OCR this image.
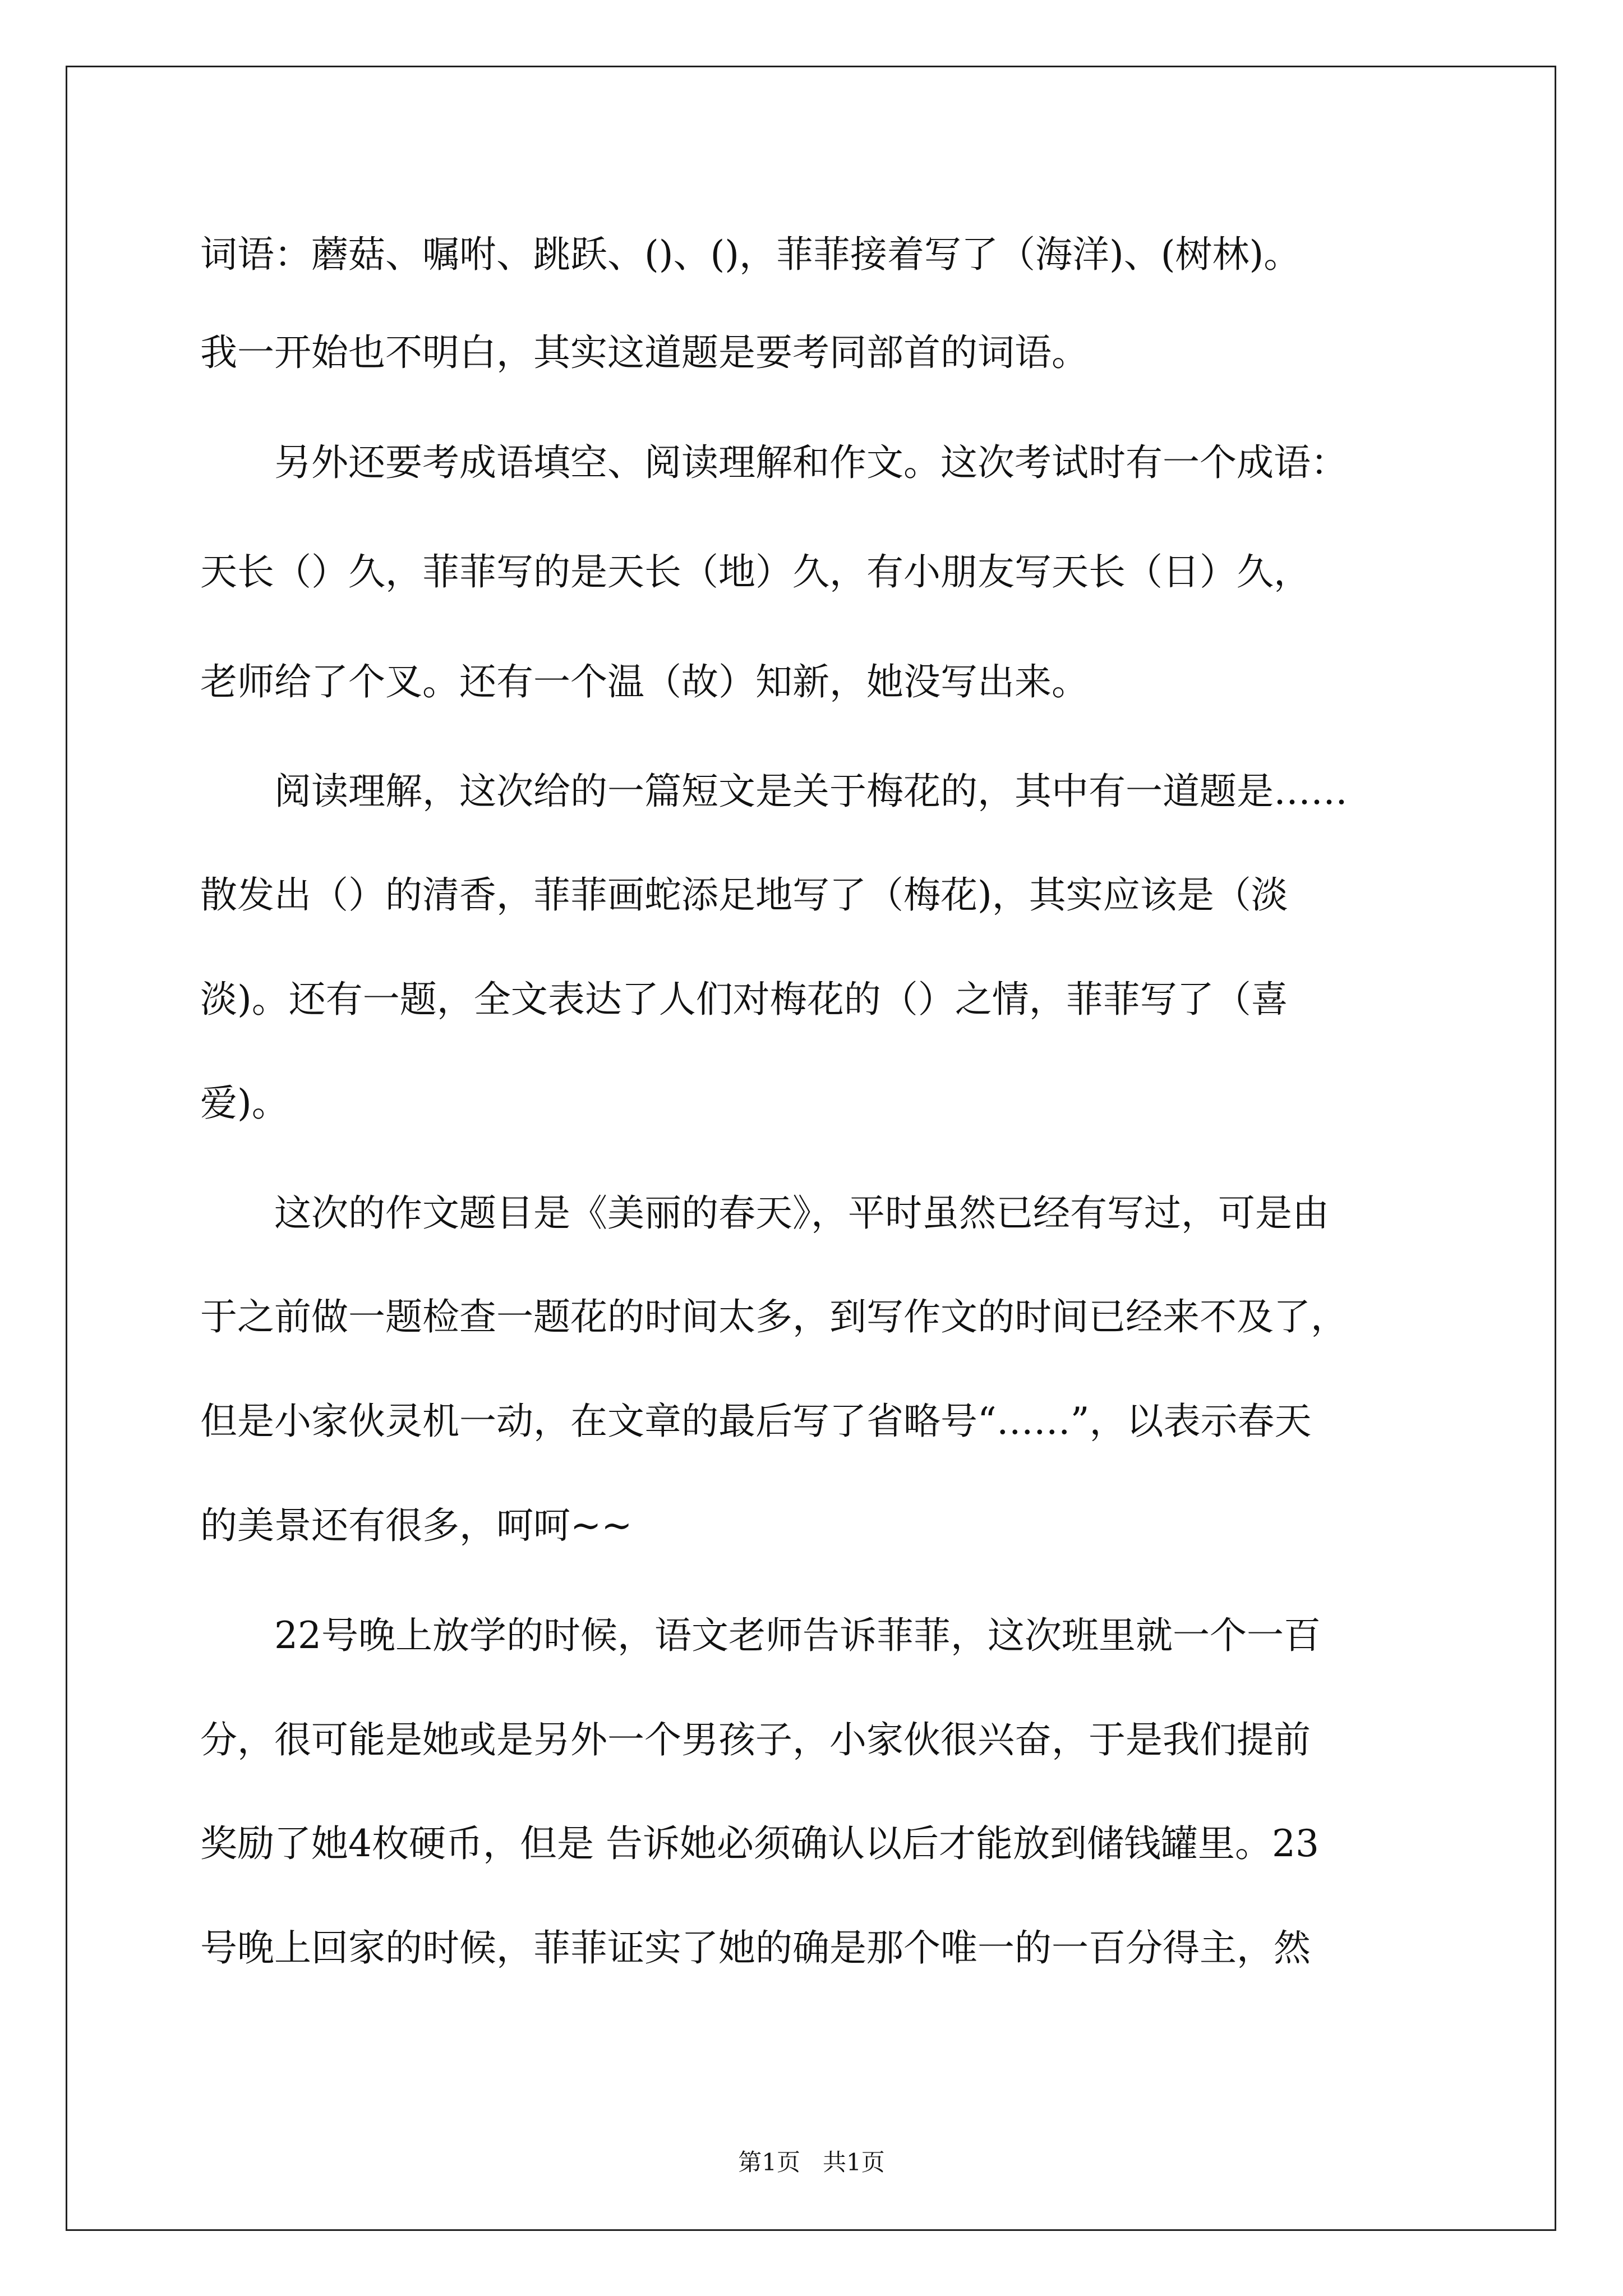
词语：蘑菇、嘱咐、跳跃、()、()，菲菲接着写了（海洋)、(树林)。

我一开始也不明白，其实这道题是要考同部首的词语。

　　另外还要考成语填空、阅读理解和作文。这次考试时有一个成语：

天长（）久，菲菲写的是天长（地）久，有小朋友写天长（日）久，

老师给了个叉。还有一个温（故）知新，她没写出来。

　　阅读理解，这次给的一篇短文是关于梅花的，其中有一道题是……

散发出（）的清香，菲菲画蛇添足地写了（梅花)，其实应该是（淡

淡)。还有一题，全文表达了人们对梅花的（）之情，菲菲写了（喜

爱)。

　　这次的作文题目是《美丽的春天》，平时虽然已经有写过，可是由

于之前做一题检查一题花的时间太多，到写作文的时间已经来不及了，

但是小家伙灵机一动，在文章的最后写了省略号“……”，以表示春天

的美景还有很多，呵呵~~

　　22号晚上放学的时候，语文老师告诉菲菲，这次班里就一个一百

分，很可能是她或是另外一个男孩子，小家伙很兴奋，于是我们提前

奖励了她4枚硬币，但是 告诉她必须确认以后才能放到储钱罐里。23

号晚上回家的时候，菲菲证实了她的确是那个唯一的一百分得主，然

第1页 共1页
